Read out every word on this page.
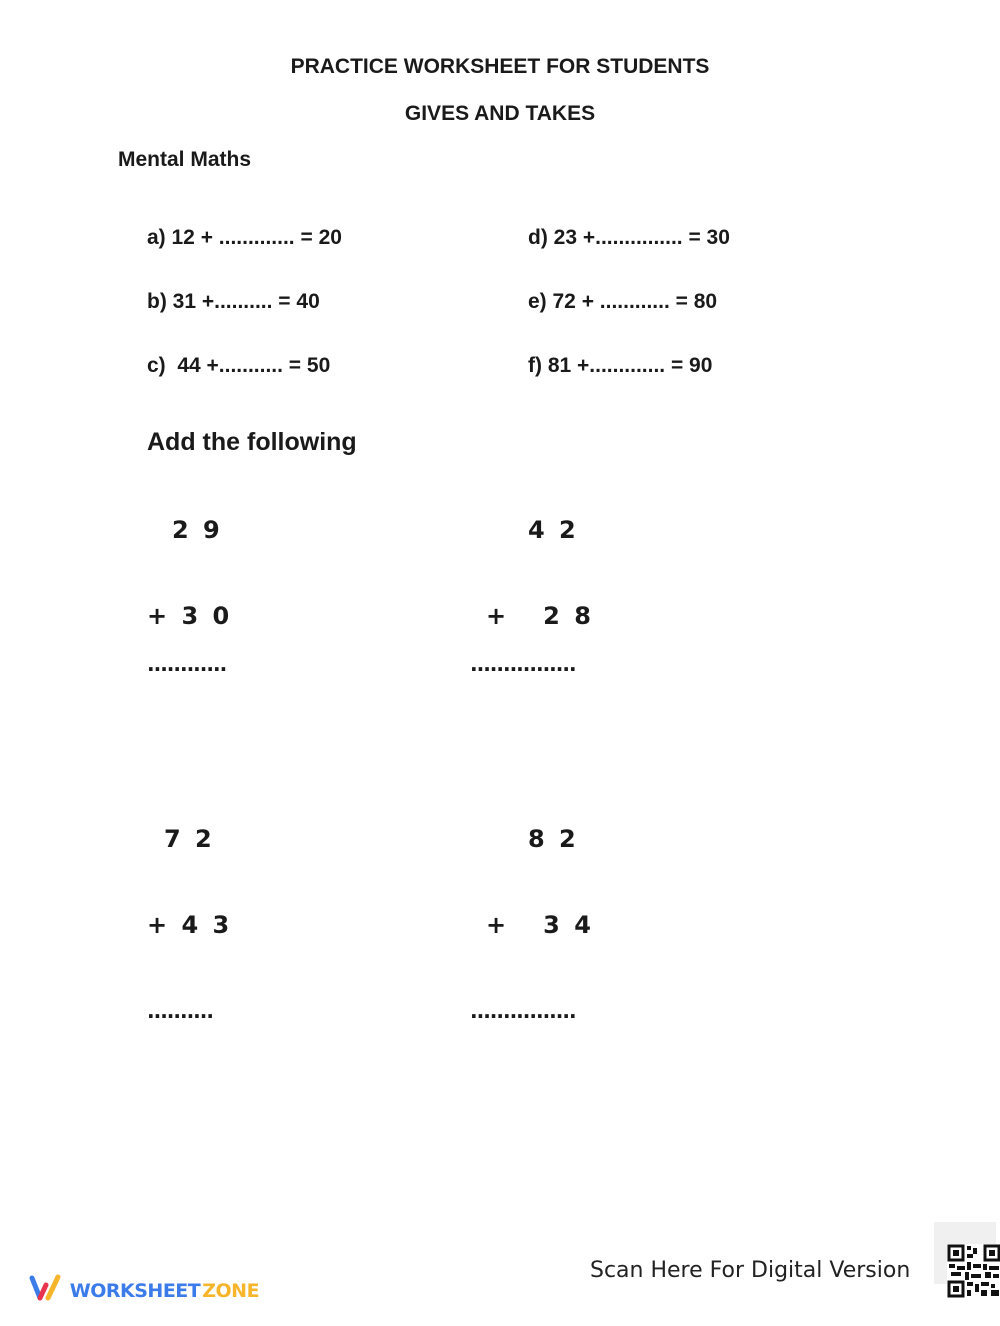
PRACTICE WORKSHEET FOR STUDENTS
GIVES AND TAKES
Mental Maths
a) 12 + ............. = 20
b) 31 +.......... = 40
c)  44 +........... = 50
d) 23 +............... = 30
e) 72 + ............ = 80
f) 81 +............. = 90
Add the following
2 9
+ 3 0
............
4 2
+   2 8
................
7 2
+ 4 3
..........
8 2
+   3 4
................

WORKSHEET ZONE
Scan Here For Digital Version
